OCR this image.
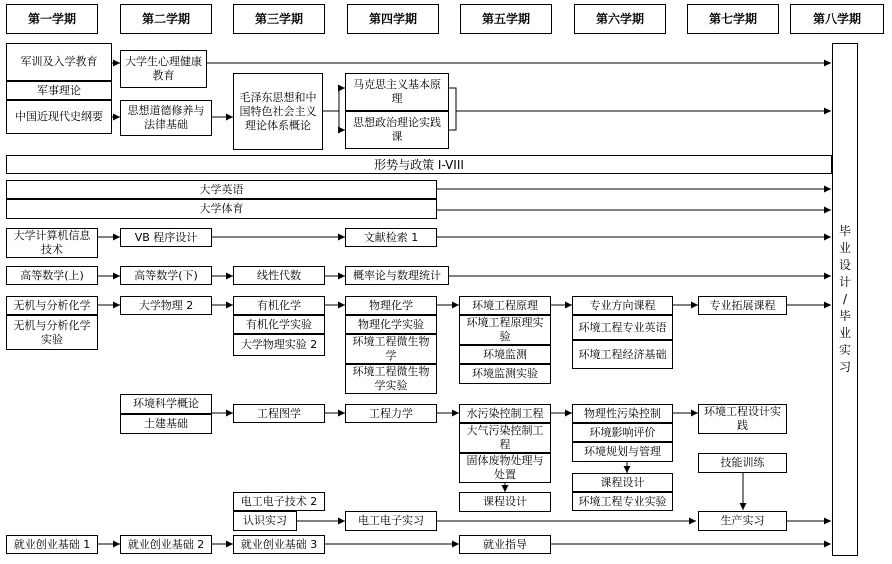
第一学期	第二学期	第三学期	第四学期	第五学期	第六学期	第七学期	第八学期
军训及入学教育
军事理论
中国近现代史纲要
大学计算机信息技术
高等数学(上)
无机与分析化学
无机与分析化学实验
就业创业基础 1
大学生心理健康教育
思想道德修养与法律基础
VB 程序设计
高等数学(下)
大学物理 2
环境科学概论
土建基础
就业创业基础 2
毛泽东思想和中国特色社会主义理论体系概论
线性代数
有机化学
有机化学实验
大学物理实验 2
工程图学
电工电子技术 2
认识实习
就业创业基础 3
马克思主义基本原理
思想政治理论实践课
文献检索 1
概率论与数理统计
物理化学
物理化学实验
环境工程微生物学
环境工程微生物学实验
工程力学
电工电子实习
环境工程原理
环境工程原理实验
环境监测
环境监测实验
水污染控制工程
大气污染控制工程
固体废物处理与处置
课程设计
就业指导
专业方向课程
环境工程专业英语
环境工程经济基础
物理性污染控制
环境影响评价
环境规划与管理
课程设计
环境工程专业实验
专业拓展课程
环境工程设计实践
技能训练
生产实习
形势与政策 I-VIII
大学英语
大学体育
毕
业
设
计
/
毕
业
实
习
